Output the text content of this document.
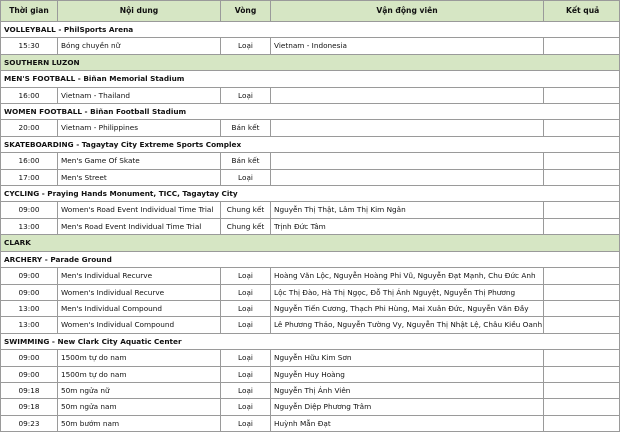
Thời gian	Nội dung	Vòng	Vận động viên	Kết quả
VOLLEYBALL - PhilSports Arena				
15:30	Bóng chuyền nữ	Loại	Vietnam - Indonesia	
SOUTHERN LUZON				
MEN'S FOOTBALL - Biñan Memorial Stadium				
16:00	Vietnam - Thailand	Loại		
WOMEN FOOTBALL - Biñan Football Stadium				
20:00	Vietnam - Philippines	Bán kết		
SKATEBOARDING - Tagaytay City Extreme Sports Complex				
16:00	Men's Game Of Skate	Bán kết		
17:00	Men's Street	Loại		
CYCLING - Praying Hands Monument, TICC, Tagaytay City				
09:00	Women's Road Event Individual Time Trial	Chung kết	Nguyễn Thị Thật, Lâm Thị Kim Ngân	
13:00	Men's Road Event Individual Time Trial	Chung kết	Trịnh Đức Tâm	
CLARK				
ARCHERY - Parade Ground				
09:00	Men's Individual Recurve	Loại	Hoàng Văn Lộc, Nguyễn Hoàng Phi Vũ, Nguyễn Đạt Mạnh, Chu Đức Anh	
09:00	Women's Individual Recurve	Loại	Lộc Thị Đào, Hà Thị Ngọc, Đỗ Thị Ánh Nguyệt, Nguyễn Thị Phương	
13:00	Men's Individual Compound	Loại	Nguyễn Tiến Cương, Thạch Phi Hùng, Mai Xuân Đức, Nguyễn Văn Đầy	
13:00	Women's Individual Compound	Loại	Lê Phương Thảo, Nguyễn Tường Vy, Nguyễn Thị Nhật Lệ, Châu Kiều Oanh	
SWIMMING - New Clark City Aquatic Center				
09:00	1500m tự do nam	Loại	Nguyễn Hữu Kim Sơn	
09:00	1500m tự do nam	Loại	Nguyễn Huy Hoàng	
09:18	50m ngửa nữ	Loại	Nguyễn Thị Ánh Viên	
09:18	50m ngửa nam	Loại	Nguyễn Diệp Phương Trâm	
09:23	50m bướm nam	Loại	Huỳnh Mẫn Đạt	
